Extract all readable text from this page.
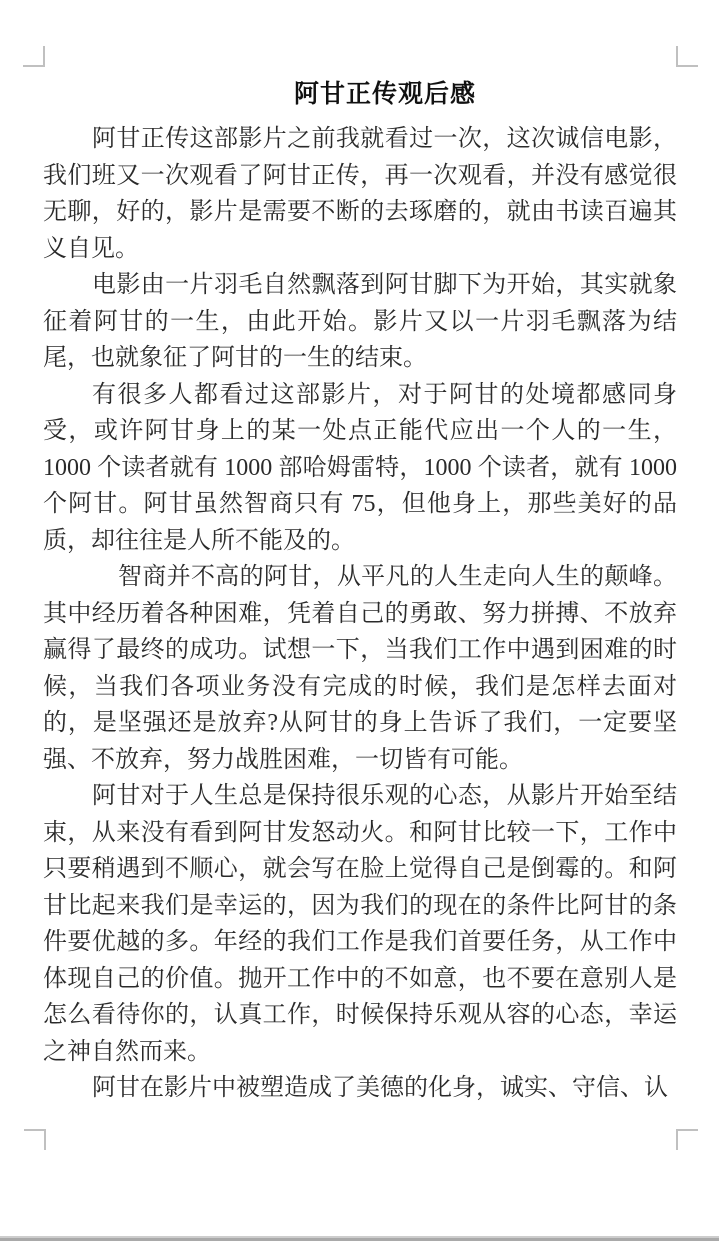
阿甘正传观后感

阿甘正传这部影片之前我就看过一次，这次诚信电影，我们班又一次观看了阿甘正传，再一次观看，并没有感觉很无聊，好的，影片是需要不断的去琢磨的，就由书读百遍其义自见。

电影由一片羽毛自然飘落到阿甘脚下为开始，其实就象征着阿甘的一生，由此开始。影片又以一片羽毛飘落为结尾，也就象征了阿甘的一生的结束。

有很多人都看过这部影片，对于阿甘的处境都感同身受，或许阿甘身上的某一处点正能代应出一个人的一生，1000 个读者就有 1000 部哈姆雷特，1000 个读者，就有 1000 个阿甘。阿甘虽然智商只有 75，但他身上，那些美好的品质，却往往是人所不能及的。

智商并不高的阿甘，从平凡的人生走向人生的颠峰。其中经历着各种困难，凭着自己的勇敢、努力拼搏、不放弃赢得了最终的成功。试想一下，当我们工作中遇到困难的时候，当我们各项业务没有完成的时候，我们是怎样去面对的，是坚强还是放弃?从阿甘的身上告诉了我们，一定要坚强、不放弃，努力战胜困难，一切皆有可能。

阿甘对于人生总是保持很乐观的心态，从影片开始至结束，从来没有看到阿甘发怒动火。和阿甘比较一下，工作中只要稍遇到不顺心，就会写在脸上觉得自己是倒霉的。和阿甘比起来我们是幸运的，因为我们的现在的条件比阿甘的条件要优越的多。年经的我们工作是我们首要任务，从工作中体现自己的价值。抛开工作中的不如意，也不要在意别人是怎么看待你的，认真工作，时候保持乐观从容的心态，幸运之神自然而来。

阿甘在影片中被塑造成了美德的化身，诚实、守信、认
